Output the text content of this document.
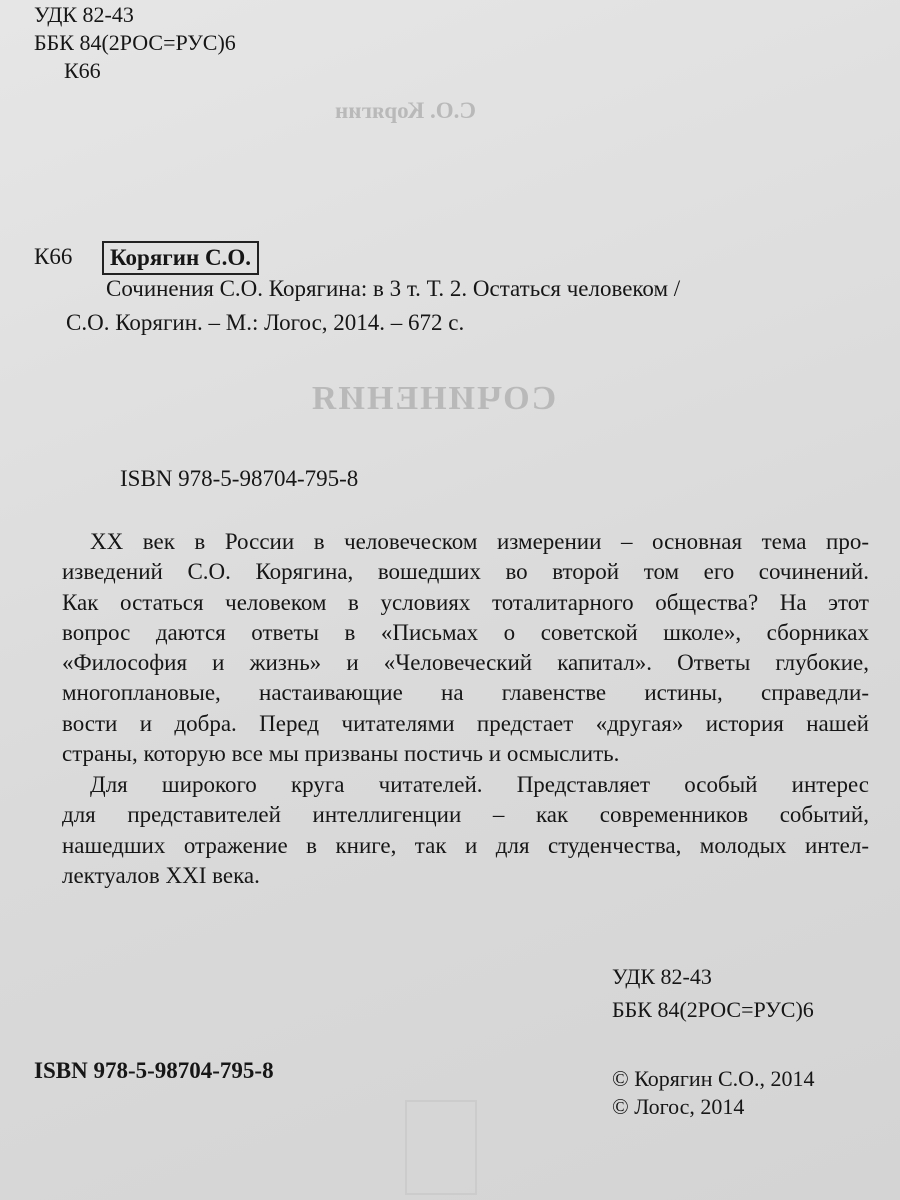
С.О. Корягин
СОЧИНЕНИЯ
УДК 82-43
ББК 84(2РОС=РУС)6
К66
К66	Корягин С.О.
Сочинения С.О. Корягина: в 3 т. Т. 2. Остаться человеком /
С.О. Корягин. – М.: Логос, 2014. – 672 с.
ISBN 978-5-98704-795-8
XX век в России в человеческом измерении – основная тема про-
изведений С.О. Корягина, вошедших во второй том его сочинений.
Как остаться человеком в условиях тоталитарного общества? На этот
вопрос даются ответы в «Письмах о советской школе», сборниках
«Философия и жизнь» и «Человеческий капитал». Ответы глубокие,
многоплановые, настаивающие на главенстве истины, справедли-
вости и добра. Перед читателями предстает «другая» история нашей
страны, которую все мы призваны постичь и осмыслить.
Для широкого круга читателей. Представляет особый интерес
для представителей интеллигенции – как современников событий,
нашедших отражение в книге, так и для студенчества, молодых интел-
лектуалов XXI века.
УДК 82-43
ББК 84(2РОС=РУС)6
ISBN 978-5-98704-795-8	© Корягин С.О., 2014
© Логос, 2014
